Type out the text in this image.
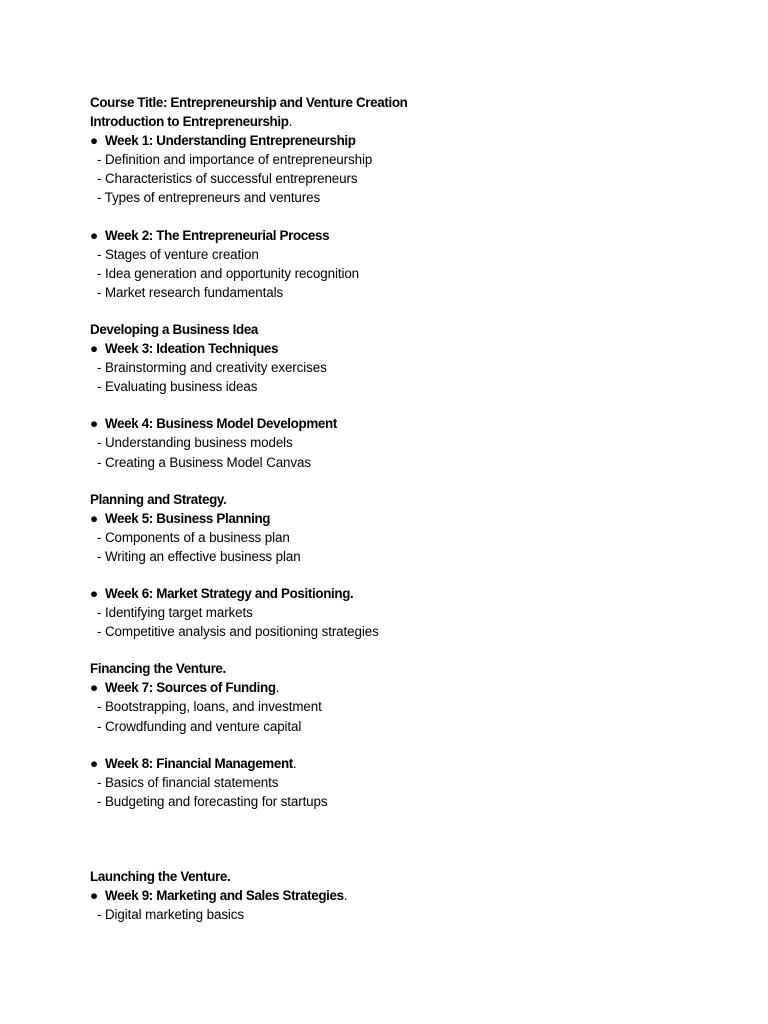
Course Title: Entrepreneurship and Venture Creation
Introduction to Entrepreneurship.
● Week 1: Understanding Entrepreneurship
- Definition and importance of entrepreneurship
- Characteristics of successful entrepreneurs
- Types of entrepreneurs and ventures
● Week 2: The Entrepreneurial Process
- Stages of venture creation
- Idea generation and opportunity recognition
- Market research fundamentals
Developing a Business Idea
● Week 3: Ideation Techniques
- Brainstorming and creativity exercises
- Evaluating business ideas
● Week 4: Business Model Development
- Understanding business models
- Creating a Business Model Canvas
Planning and Strategy.
● Week 5: Business Planning
- Components of a business plan
- Writing an effective business plan
● Week 6: Market Strategy and Positioning.
- Identifying target markets
- Competitive analysis and positioning strategies
Financing the Venture.
● Week 7: Sources of Funding .
- Bootstrapping, loans, and investment
- Crowdfunding and venture capital
● Week 8: Financial Management .
- Basics of financial statements
- Budgeting and forecasting for startups
Launching the Venture.
● Week 9: Marketing and Sales Strategies .
- Digital marketing basics
